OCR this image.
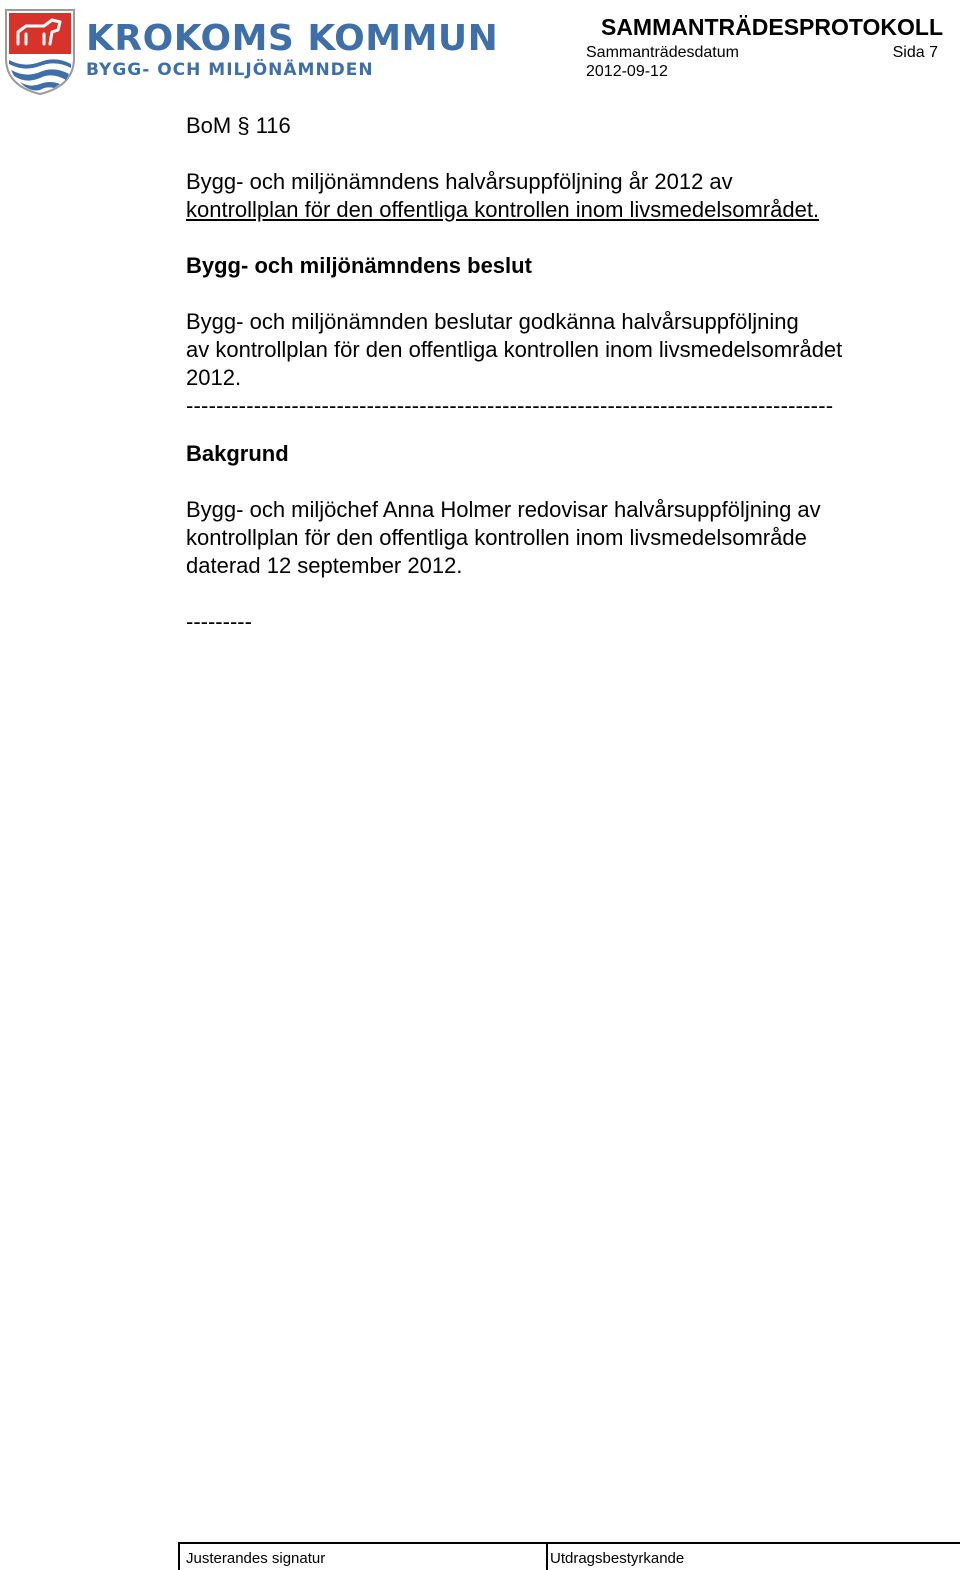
KROKOMS KOMMUN
BYGG- OCH MILJÖNÄMNDEN
SAMMANTRÄDESPROTOKOLL
Sammanträdesdatum	Sida 7
2012-09-12

BoM § 116

Bygg- och miljönämndens halvårsuppföljning år 2012 av
kontrollplan för den offentliga kontrollen inom livsmedelsområdet.
Bygg- och miljönämndens beslut
Bygg- och miljönämnden beslutar godkänna halvårsuppföljning
av kontrollplan för den offentliga kontrollen inom livsmedelsområdet
2012.
--------------------------------------------------------------------------------------
Bakgrund
Bygg- och miljöchef Anna Holmer redovisar halvårsuppföljning av
kontrollplan för den offentliga kontrollen inom livsmedelsområde
daterad 12 september 2012.
---------
Justerandes signatur	Utdragsbestyrkande
